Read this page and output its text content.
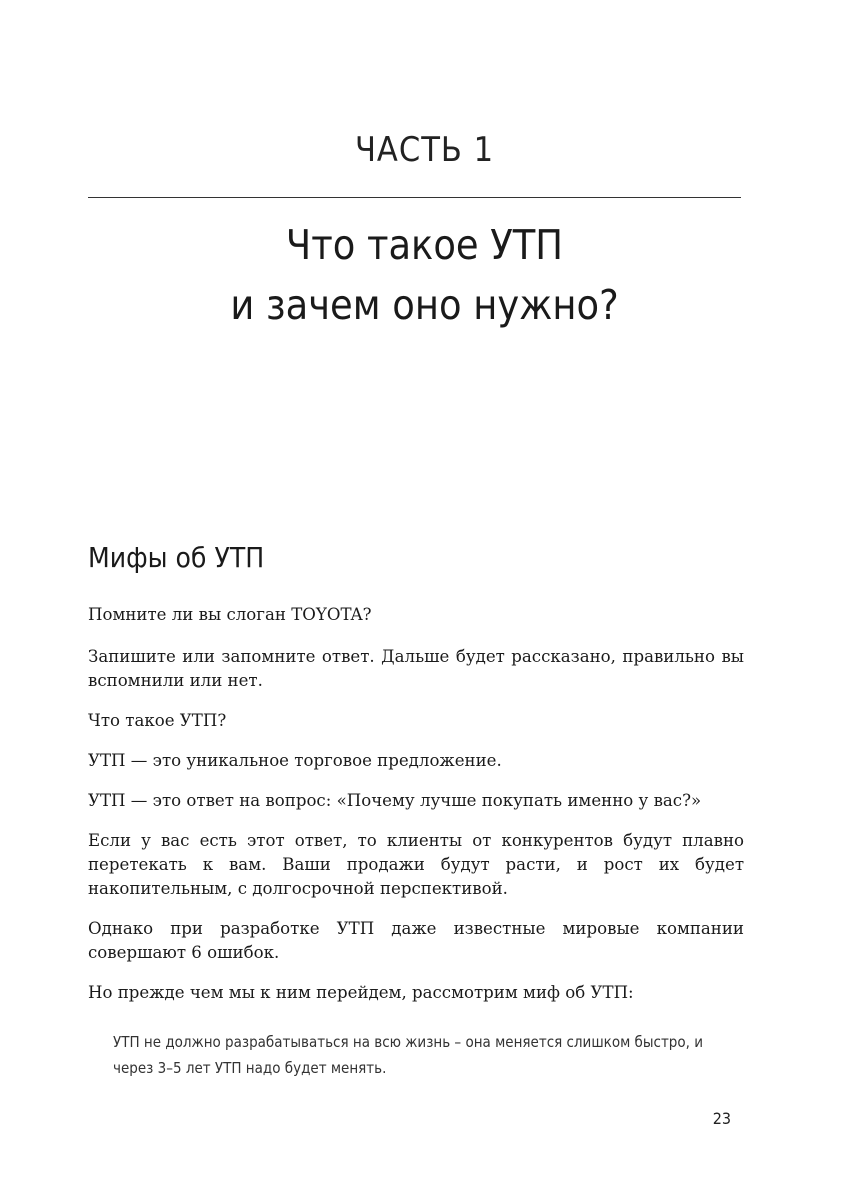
ЧАСТЬ 1
Что такое УТП
и зачем оно нужно?
Мифы об УТП
Помните ли вы слоган TOYOTA?
Запишите или запомните ответ. Дальше будет рассказано, правильно вы вспомнили или нет.
Что такое УТП?
УТП — это уникальное торговое предложение.
УТП — это ответ на вопрос: «Почему лучше покупать именно у вас?»
Если у вас есть этот ответ, то клиенты от конкурентов будут плавно перетекать к вам. Ваши продажи будут расти, и рост их будет накопительным, с долгосрочной перспективой.
Однако при разработке УТП даже известные мировые компании совершают 6 ошибок.
Но прежде чем мы к ним перейдем, рассмотрим миф об УТП:
УТП не должно разрабатываться на всю жизнь – она меняется слишком быстро, и через 3–5 лет УТП надо будет менять.
23
